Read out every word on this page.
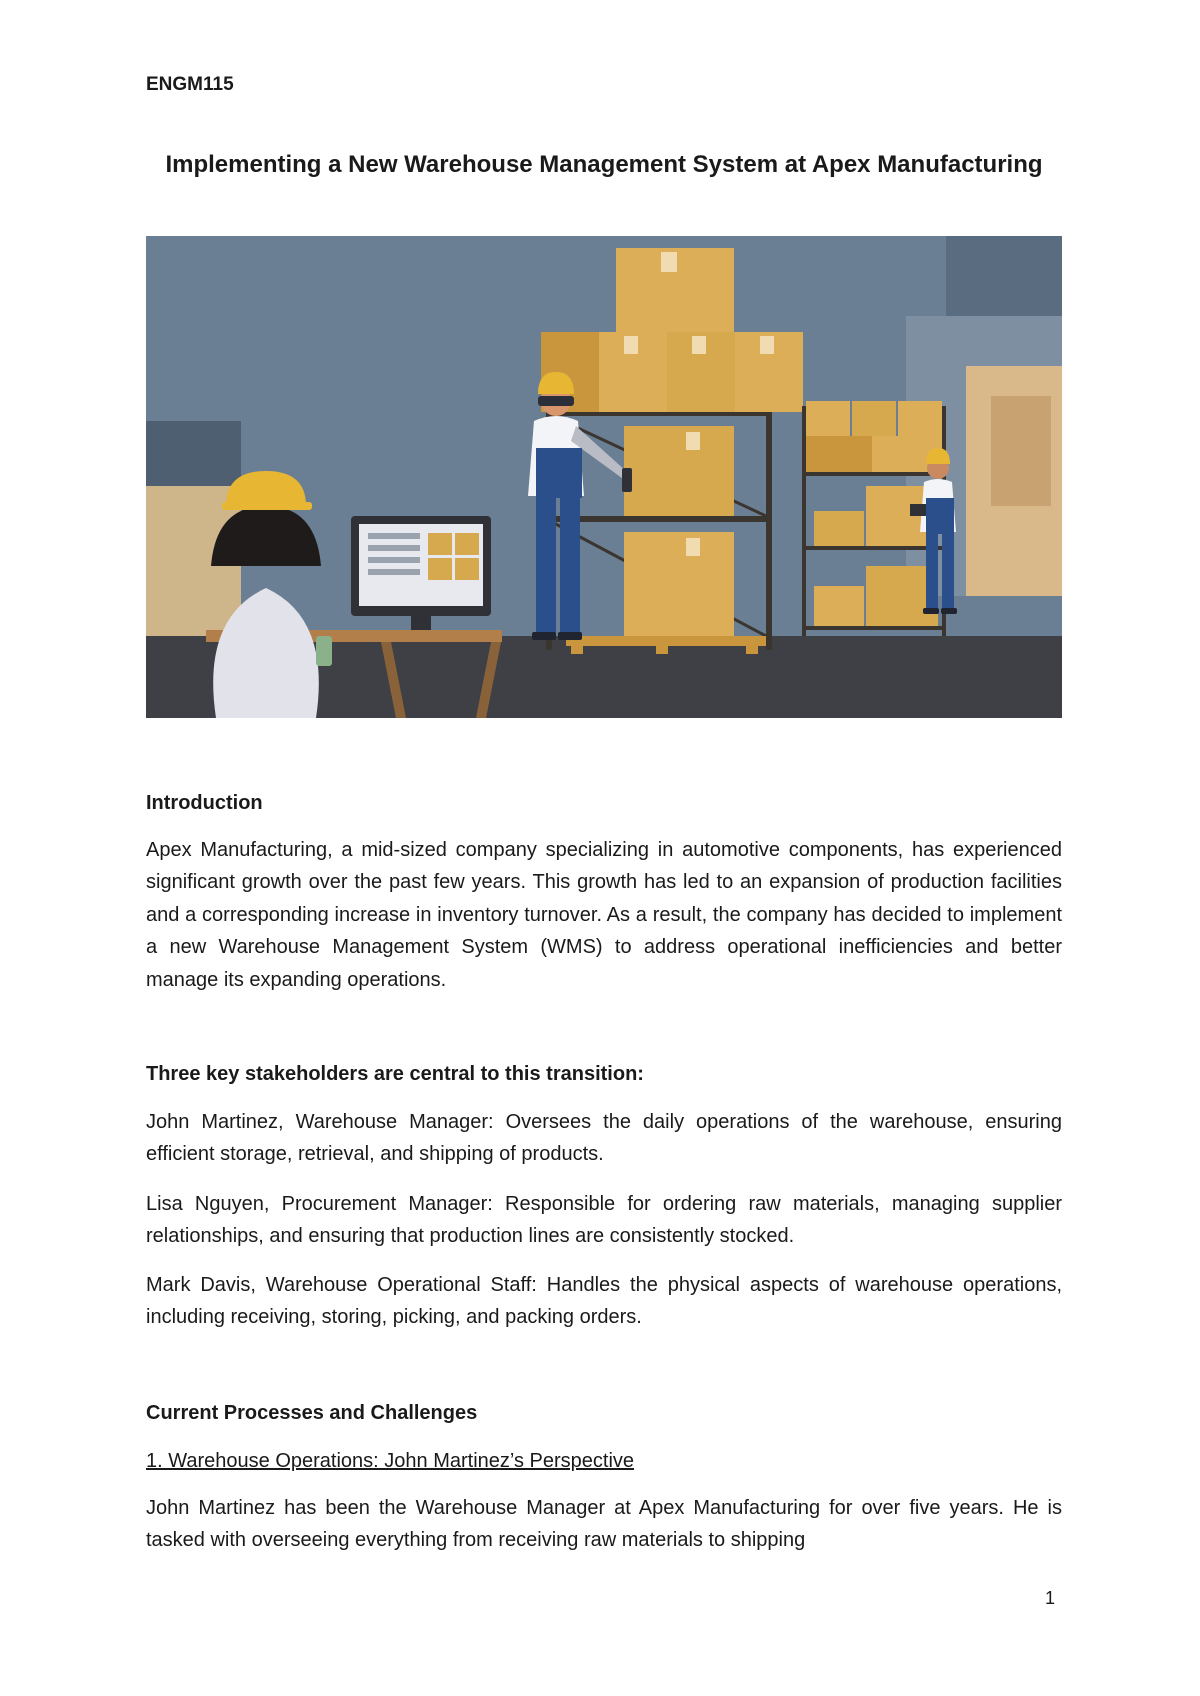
ENGM115
Implementing a New Warehouse Management System at Apex Manufacturing
Introduction
Apex Manufacturing, a mid-sized company specializing in automotive components, has experienced significant growth over the past few years. This growth has led to an expansion of production facilities and a corresponding increase in inventory turnover. As a result, the company has decided to implement a new Warehouse Management System (WMS) to address operational inefficiencies and better manage its expanding operations.
Three key stakeholders are central to this transition:
John Martinez, Warehouse Manager: Oversees the daily operations of the warehouse, ensuring efficient storage, retrieval, and shipping of products.
Lisa Nguyen, Procurement Manager: Responsible for ordering raw materials, managing supplier relationships, and ensuring that production lines are consistently stocked.
Mark Davis, Warehouse Operational Staff: Handles the physical aspects of warehouse operations, including receiving, storing, picking, and packing orders.
Current Processes and Challenges
1. Warehouse Operations: John Martinez’s Perspective
John Martinez has been the Warehouse Manager at Apex Manufacturing for over five years. He is tasked with overseeing everything from receiving raw materials to shipping
1
